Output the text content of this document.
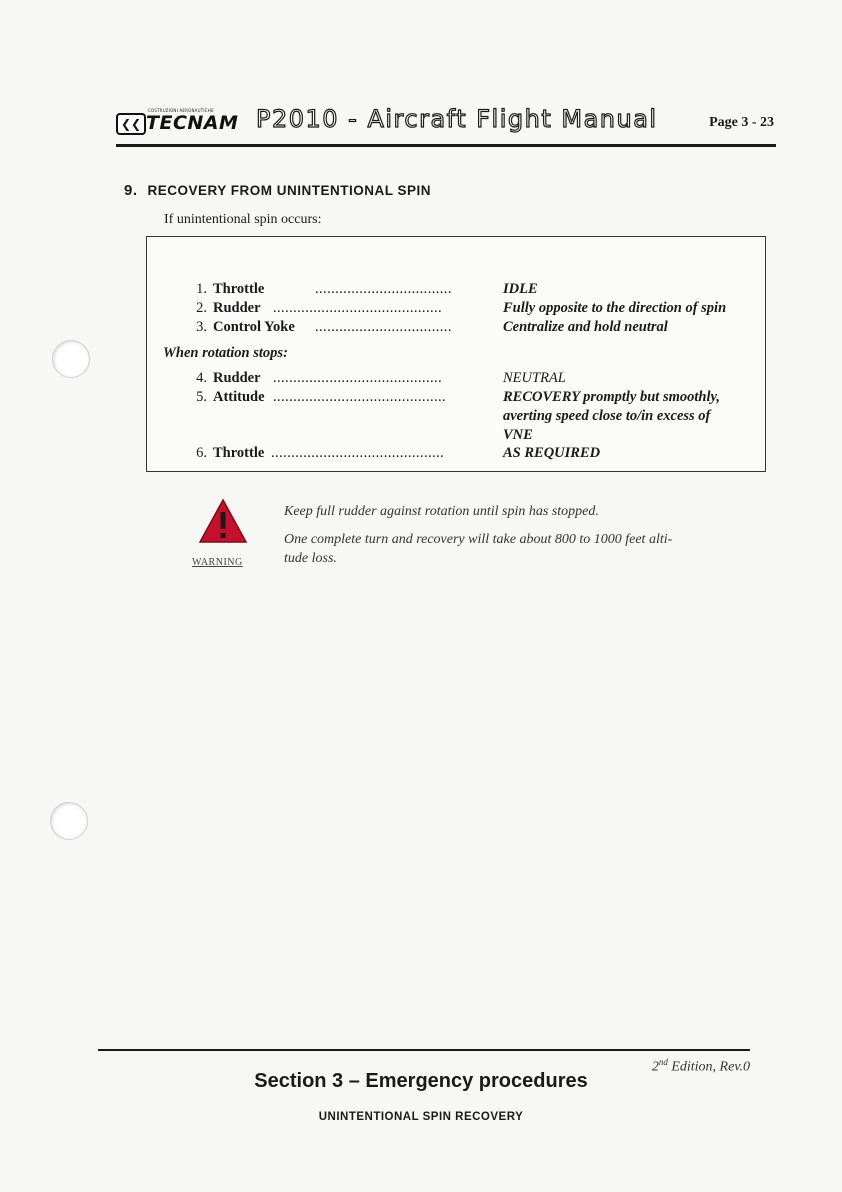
❮❮
COSTRUZIONI AERONAUTICHE
TECNAM P2010 - Aircraft Flight Manual	Page 3 - 23
9. RECOVERY FROM UNINTENTIONAL SPIN
If unintentional spin occurs:
1. Throttle	..................................	IDLE
2. Rudder ..........................................	Fully opposite to the direction of spin
3. Control Yoke ..................................	Centralize and hold neutral
When rotation stops:
4. Rudder ..........................................	NEUTRAL
5. Attitude ...........................................	RECOVERY promptly but smoothly,
averting speed close to/in excess of
VNE
6. Throttle ...........................................	AS REQUIRED
WARNING
Keep full rudder against rotation until spin has stopped.
One complete turn and recovery will take about 800 to 1000 feet alti-
tude loss.
2nd Edition, Rev.0
Section 3 – Emergency procedures
UNINTENTIONAL SPIN RECOVERY
